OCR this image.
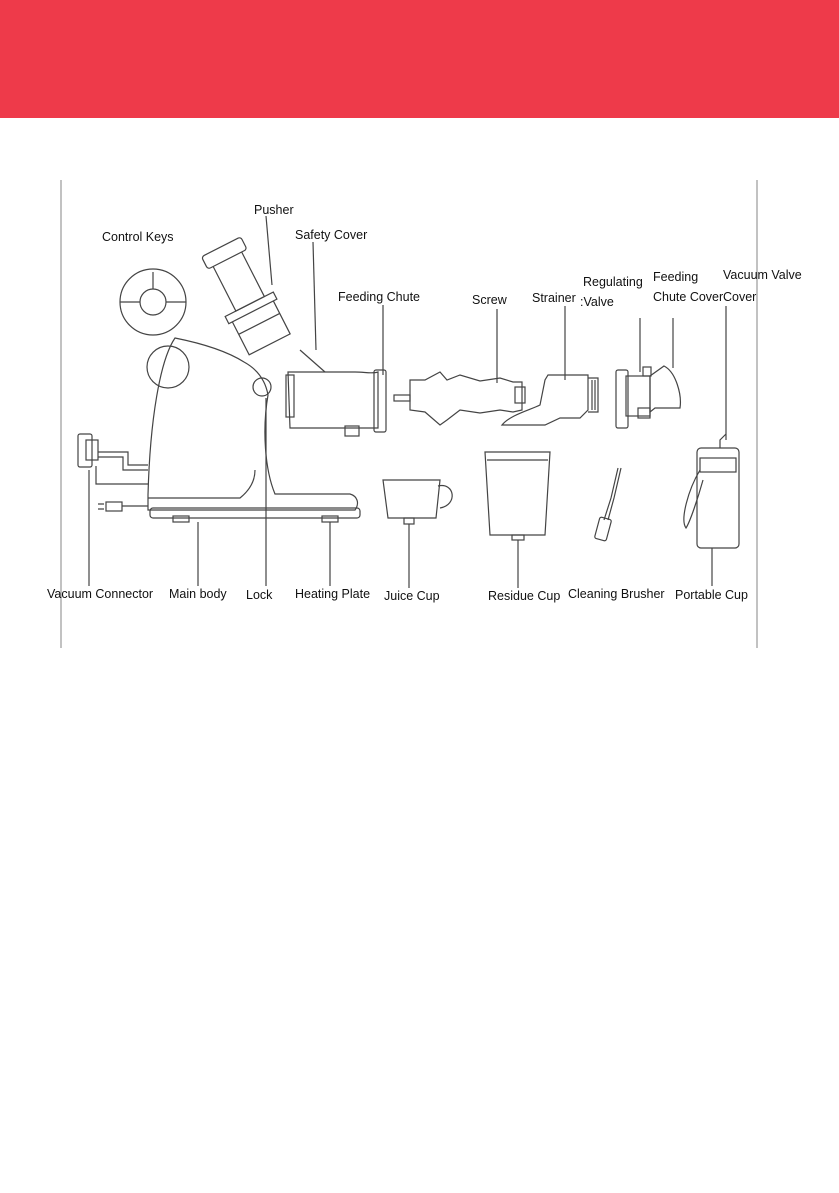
Control Keys
Pusher
Safety Cover
Feeding Chute	Screw Strainer
Regulating
:Valve
Feeding
Chute Cover
Vacuum Valve
Cover
Vacuum Connector Main body Lock Heating Plate Juice Cup	Residue Cup Cleaning Brusher Portable Cup
